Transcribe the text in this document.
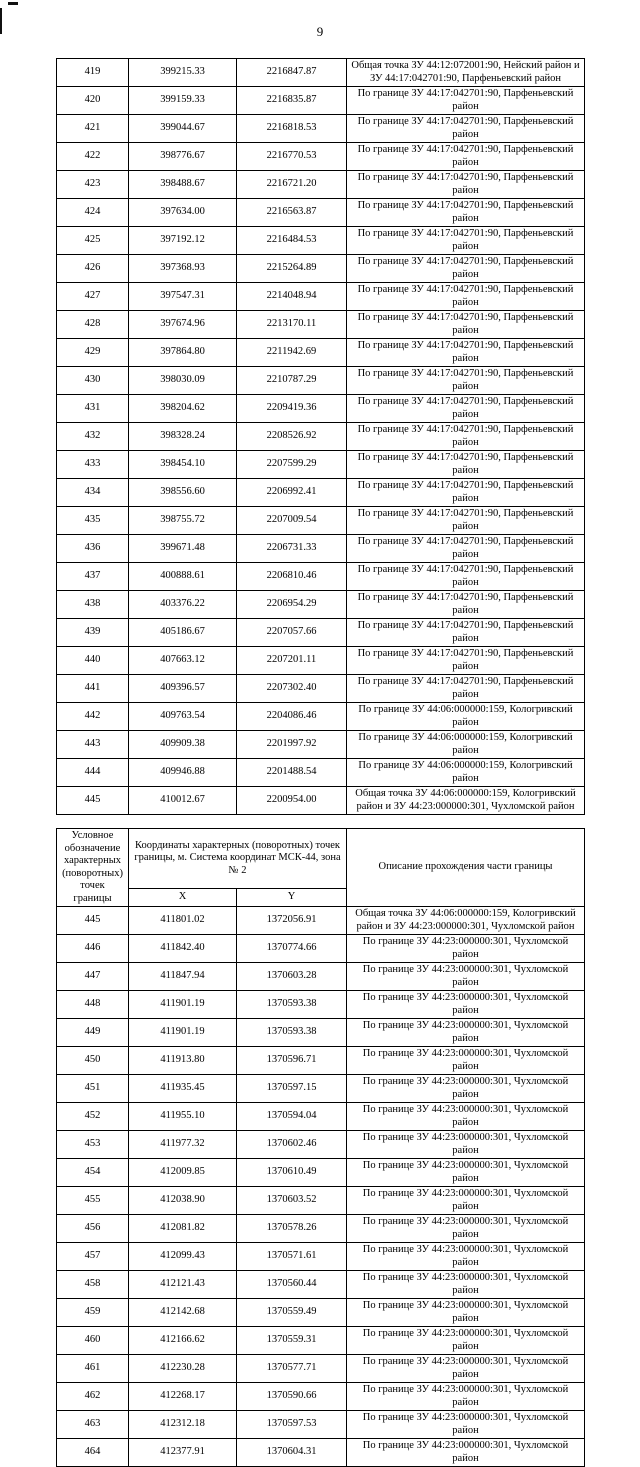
9
419	399215.33	2216847.87	Общая точка ЗУ 44:12:072001:90, Нейский район и ЗУ 44:17:042701:90, Парфеньевский район
420	399159.33	2216835.87	По границе ЗУ 44:17:042701:90, Парфеньевский район
421	399044.67	2216818.53	По границе ЗУ 44:17:042701:90, Парфеньевский район
422	398776.67	2216770.53	По границе ЗУ 44:17:042701:90, Парфеньевский район
423	398488.67	2216721.20	По границе ЗУ 44:17:042701:90, Парфеньевский район
424	397634.00	2216563.87	По границе ЗУ 44:17:042701:90, Парфеньевский район
425	397192.12	2216484.53	По границе ЗУ 44:17:042701:90, Парфеньевский район
426	397368.93	2215264.89	По границе ЗУ 44:17:042701:90, Парфеньевский район
427	397547.31	2214048.94	По границе ЗУ 44:17:042701:90, Парфеньевский район
428	397674.96	2213170.11	По границе ЗУ 44:17:042701:90, Парфеньевский район
429	397864.80	2211942.69	По границе ЗУ 44:17:042701:90, Парфеньевский район
430	398030.09	2210787.29	По границе ЗУ 44:17:042701:90, Парфеньевский район
431	398204.62	2209419.36	По границе ЗУ 44:17:042701:90, Парфеньевский район
432	398328.24	2208526.92	По границе ЗУ 44:17:042701:90, Парфеньевский район
433	398454.10	2207599.29	По границе ЗУ 44:17:042701:90, Парфеньевский район
434	398556.60	2206992.41	По границе ЗУ 44:17:042701:90, Парфеньевский район
435	398755.72	2207009.54	По границе ЗУ 44:17:042701:90, Парфеньевский район
436	399671.48	2206731.33	По границе ЗУ 44:17:042701:90, Парфеньевский район
437	400888.61	2206810.46	По границе ЗУ 44:17:042701:90, Парфеньевский район
438	403376.22	2206954.29	По границе ЗУ 44:17:042701:90, Парфеньевский район
439	405186.67	2207057.66	По границе ЗУ 44:17:042701:90, Парфеньевский район
440	407663.12	2207201.11	По границе ЗУ 44:17:042701:90, Парфеньевский район
441	409396.57	2207302.40	По границе ЗУ 44:17:042701:90, Парфеньевский район
442	409763.54	2204086.46	По границе ЗУ 44:06:000000:159, Кологривский район
443	409909.38	2201997.92	По границе ЗУ 44:06:000000:159, Кологривский район
444	409946.88	2201488.54	По границе ЗУ 44:06:000000:159, Кологривский район
445	410012.67	2200954.00	Общая точка ЗУ 44:06:000000:159, Кологривский район и ЗУ 44:23:000000:301, Чухломской район
Условное обозначение характерных (поворотных) точек границы	Координаты характерных (поворотных) точек границы, м. Система координат МСК-44, зона № 2		Описание прохождения части границы
	X	Y	
445	411801.02	1372056.91	Общая точка ЗУ 44:06:000000:159, Кологривский район и ЗУ 44:23:000000:301, Чухломской район
446	411842.40	1370774.66	По границе ЗУ 44:23:000000:301, Чухломской район
447	411847.94	1370603.28	По границе ЗУ 44:23:000000:301, Чухломской район
448	411901.19	1370593.38	По границе ЗУ 44:23:000000:301, Чухломской район
449	411901.19	1370593.38	По границе ЗУ 44:23:000000:301, Чухломской район
450	411913.80	1370596.71	По границе ЗУ 44:23:000000:301, Чухломской район
451	411935.45	1370597.15	По границе ЗУ 44:23:000000:301, Чухломской район
452	411955.10	1370594.04	По границе ЗУ 44:23:000000:301, Чухломской район
453	411977.32	1370602.46	По границе ЗУ 44:23:000000:301, Чухломской район
454	412009.85	1370610.49	По границе ЗУ 44:23:000000:301, Чухломской район
455	412038.90	1370603.52	По границе ЗУ 44:23:000000:301, Чухломской район
456	412081.82	1370578.26	По границе ЗУ 44:23:000000:301, Чухломской район
457	412099.43	1370571.61	По границе ЗУ 44:23:000000:301, Чухломской район
458	412121.43	1370560.44	По границе ЗУ 44:23:000000:301, Чухломской район
459	412142.68	1370559.49	По границе ЗУ 44:23:000000:301, Чухломской район
460	412166.62	1370559.31	По границе ЗУ 44:23:000000:301, Чухломской район
461	412230.28	1370577.71	По границе ЗУ 44:23:000000:301, Чухломской район
462	412268.17	1370590.66	По границе ЗУ 44:23:000000:301, Чухломской район
463	412312.18	1370597.53	По границе ЗУ 44:23:000000:301, Чухломской район
464	412377.91	1370604.31	По границе ЗУ 44:23:000000:301, Чухломской район
